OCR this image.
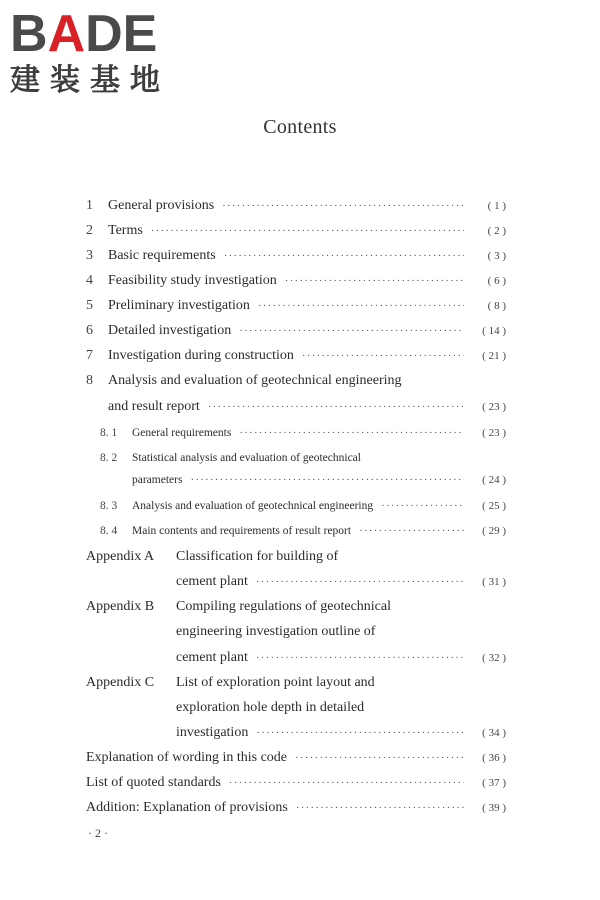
BADE
建装基地
Contents
1	General provisions ·····	( 1 )
2	Terms ·····	( 2 )
3	Basic requirements ·····	( 3 )
4	Feasibility study investigation ·····	( 6 )
5	Preliminary investigation ·····	( 8 )
6	Detailed investigation ·····	( 14 )
7	Investigation during construction ·····	( 21 )
8	Analysis and evaluation of geotechnical engineering
and result report ·····	( 23 )
8. 1	General requirements ·····	( 23 )
8. 2	Statistical analysis and evaluation of geotechnical
parameters ·····	( 24 )
8. 3	Analysis and evaluation of geotechnical engineering ·····	( 25 )
8. 4	Main contents and requirements of result report ·····	( 29 )
Appendix A	Classification for building of
cement plant ·····	( 31 )
Appendix B	Compiling regulations of geotechnical
engineering investigation outline of
cement plant ·····	( 32 )
Appendix C	List of exploration point layout and
exploration hole depth in detailed
investigation ·····	( 34 )
Explanation of wording in this code ·····	( 36 )
List of quoted standards ·····	( 37 )
Addition: Explanation of provisions ·····	( 39 )
· 2 ·
